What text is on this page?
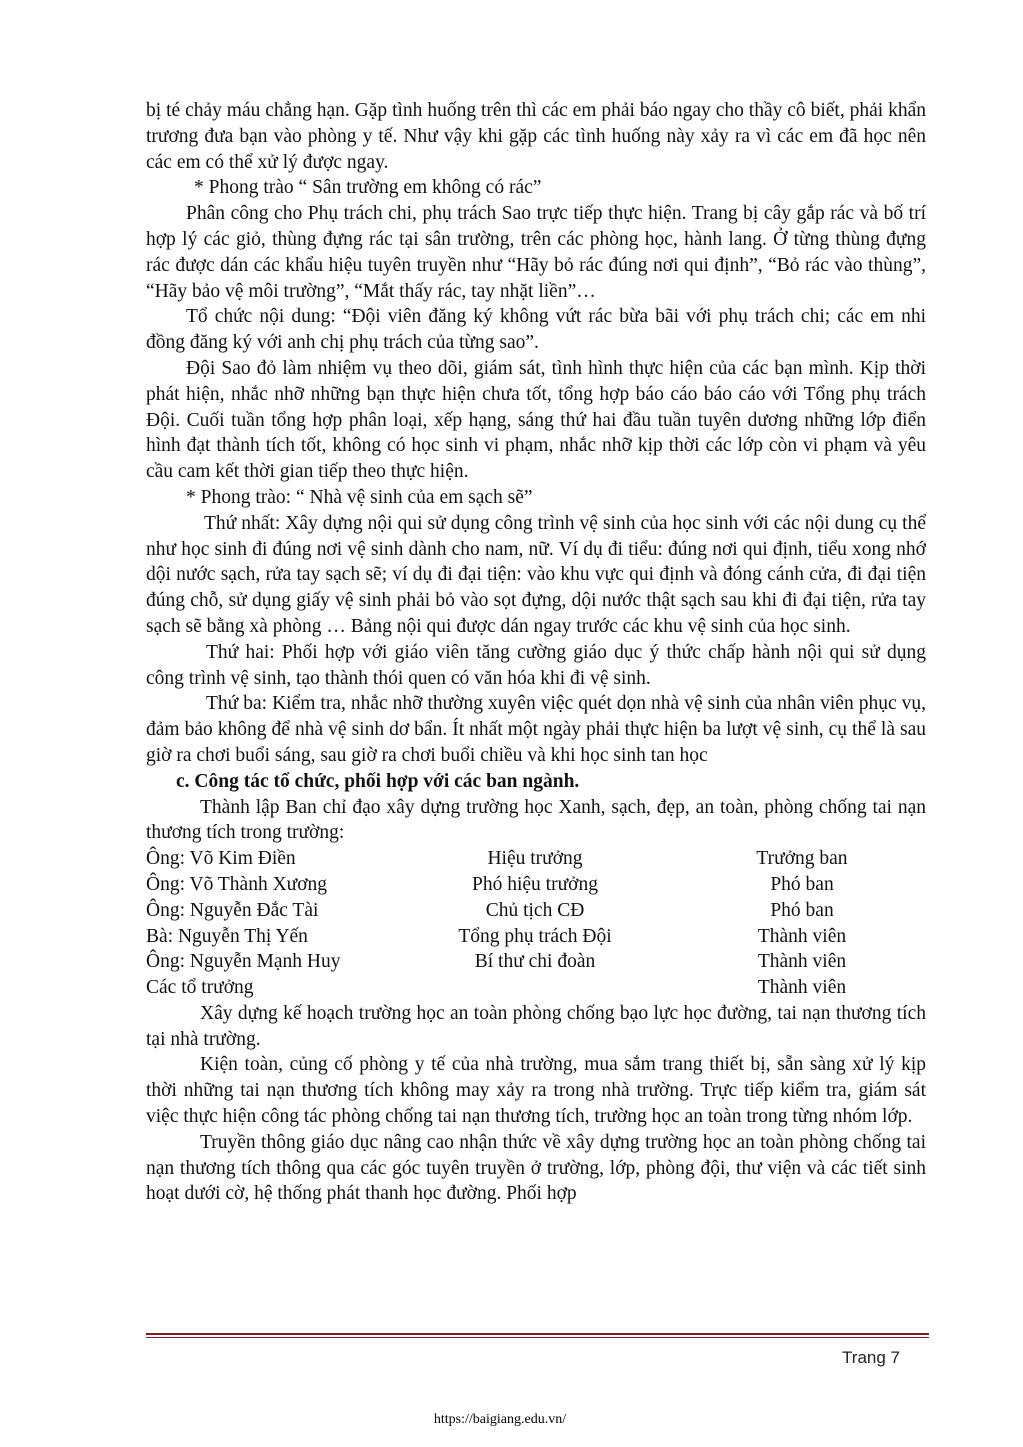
bị té chảy máu chẳng hạn. Gặp tình huống trên thì các em phải báo ngay cho thầy cô biết, phải khẩn trương đưa bạn vào phòng y tế. Như vậy khi gặp các tình huống này xảy ra vì các em đã học nên các em có thể xử lý được ngay.

* Phong trào “ Sân trường em không có rác”

Phân công cho Phụ trách chi, phụ trách Sao trực tiếp thực hiện. Trang bị cây gắp rác và bố trí hợp lý các giỏ, thùng đựng rác tại sân trường, trên các phòng học, hành lang. Ở từng thùng đựng rác được dán các khẩu hiệu tuyên truyền như “Hãy bỏ rác đúng nơi qui định”, “Bỏ rác vào thùng”, “Hãy bảo vệ môi trường”, “Mắt thấy rác, tay nhặt liền”…

Tổ chức nội dung: “Đội viên đăng ký không vứt rác bừa bãi với phụ trách chi; các em nhi đồng đăng ký với anh chị phụ trách của từng sao”.

Đội Sao đỏ làm nhiệm vụ theo dõi, giám sát, tình hình thực hiện của các bạn mình. Kịp thời phát hiện, nhắc nhỡ những bạn thực hiện chưa tốt, tổng hợp báo cáo báo cáo với Tổng phụ trách Đội. Cuối tuần tổng hợp phân loại, xếp hạng, sáng thứ hai đầu tuần tuyên dương những lớp điển hình đạt thành tích tốt, không có học sinh vi phạm, nhắc nhỡ kịp thời các lớp còn vi phạm và yêu cầu cam kết thời gian tiếp theo thực hiện.

* Phong trào: “ Nhà vệ sinh của em sạch sẽ”

Thứ nhất: Xây dựng nội qui sử dụng công trình vệ sinh của học sinh với các nội dung cụ thể như học sinh đi đúng nơi vệ sinh dành cho nam, nữ. Ví dụ đi tiểu: đúng nơi qui định, tiểu xong nhớ dội nước sạch, rửa tay sạch sẽ; ví dụ đi đại tiện: vào khu vực qui định và đóng cánh cửa, đi đại tiện đúng chỗ, sử dụng giấy vệ sinh phải bỏ vào sọt đựng, dội nước thật sạch sau khi đi đại tiện, rửa tay sạch sẽ bằng xà phòng … Bảng nội qui được dán ngay trước các khu vệ sinh của học sinh.

Thứ hai: Phối hợp với giáo viên tăng cường giáo dục ý thức chấp hành nội qui sử dụng công trình vệ sinh, tạo thành thói quen có văn hóa khi đi vệ sinh.

Thứ ba: Kiểm tra, nhắc nhỡ thường xuyên việc quét dọn nhà vệ sinh của nhân viên phục vụ, đảm bảo không để nhà vệ sinh dơ bẩn. Ít nhất một ngày phải thực hiện ba lượt vệ sinh, cụ thể là sau giờ ra chơi buổi sáng, sau giờ ra chơi buổi chiều và khi học sinh tan học

c. Công tác tổ chức, phối hợp với các ban ngành.

Thành lập Ban chỉ đạo xây dựng trường học Xanh, sạch, đẹp, an toàn, phòng chống tai nạn thương tích trong trường:

Ông: Võ Kim Điền	Hiệu trưởng	Trưởng ban
Ông: Võ Thành Xương	Phó hiệu trưởng	Phó ban
Ông: Nguyễn Đắc Tài	Chủ tịch CĐ	Phó ban
Bà: Nguyễn Thị Yến	Tổng phụ trách Đội	Thành viên
Ông: Nguyễn Mạnh Huy	Bí thư chi đoàn	Thành viên
Các tổ trưởng		Thành viên

Xây dựng kế hoạch trường học an toàn phòng chống bạo lực học đường, tai nạn thương tích tại nhà trường.

Kiện toàn, củng cố phòng y tế của nhà trường, mua sắm trang thiết bị, sẵn sàng xử lý kịp thời những tai nạn thương tích không may xảy ra trong nhà trường. Trực tiếp kiểm tra, giám sát việc thực hiện công tác phòng chống tai nạn thương tích, trường học an toàn trong từng nhóm lớp.

Truyền thông giáo dục nâng cao nhận thức về xây dựng trường học an toàn phòng chống tai nạn thương tích thông qua các góc tuyên truyền ở trường, lớp, phòng đội, thư viện và các tiết sinh hoạt dưới cờ, hệ thống phát thanh học đường. Phối hợp

Trang 7
https://baigiang.edu.vn/
